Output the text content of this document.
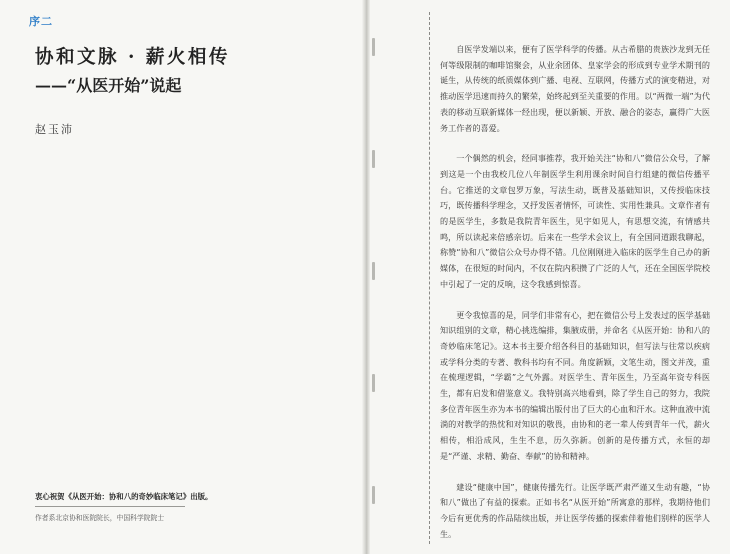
序二
协和文脉 · 薪火相传
——“从医开始”说起
赵玉沛
衷心祝贺《从医开始：协和八的奇妙临床笔记》出版。
作者系北京协和医院院长，中国科学院院士

自医学发端以来，便有了医学科学的传播。从古希腊的贵族沙龙到无任何等级限制的咖啡馆聚会，从业余团体、皇家学会的形成到专业学术期刊的诞生，从传统的纸质媒体到广播、电视、互联网，传播方式的演变精进，对推动医学迅速而持久的繁荣，始终起到至关重要的作用。以“两微一端”为代表的移动互联新媒体一经出现，便以新颖、开放、融合的姿态，赢得广大医务工作者的喜爱。

一个偶然的机会，经同事推荐，我开始关注“协和八”微信公众号，了解到这是一个由我校几位八年制医学生利用课余时间自行组建的微信传播平台。它推送的文章包罗万象，写法生动，既普及基础知识，又传授临床技巧，既传播科学理念，又抒发医者情怀，可读性、实用性兼具。文章作者有的是医学生，多数是我院青年医生，见字如见人，有思想交流，有情感共鸣，所以读起来倍感亲切。后来在一些学术会议上，有全国同道跟我聊起，称赞“协和八”微信公众号办得不错。几位刚刚进入临床的医学生自己办的新媒体，在很短的时间内，不仅在院内积攒了广泛的人气，还在全国医学院校中引起了一定的反响，这令我感到惊喜。

更令我惊喜的是，同学们非常有心，把在微信公号上发表过的医学基础知识组别的文章，精心挑选编排，集腋成册，并命名《从医开始：协和八的奇妙临床笔记》。这本书主要介绍各科目的基础知识，但写法与往常以疾病或学科分类的专著、教科书均有不同。角度新颖，文笔生动，图文并茂，重在梳理逻辑，“学霸”之气外露。对医学生、青年医生，乃至高年资专科医生，都有启发和借鉴意义。我特别高兴地看到，除了学生自己的努力，我院多位青年医生亦为本书的编辑出版付出了巨大的心血和汗水。这种血液中流淌的对教学的热忱和对知识的敬畏，由协和的老一辈人传到青年一代，薪火相传，相沿成风，生生不息，历久弥新。创新的是传播方式，永恒的却是“严谨、求精、勤奋、奉献”的协和精神。

建设“健康中国”，健康传播先行。让医学既严肃严谨又生动有趣，“协和八”做出了有益的探索。正如书名“从医开始”所寓意的那样，我期待他们今后有更优秀的作品陆续出版，并让医学传播的探索伴着他们别样的医学人生。
